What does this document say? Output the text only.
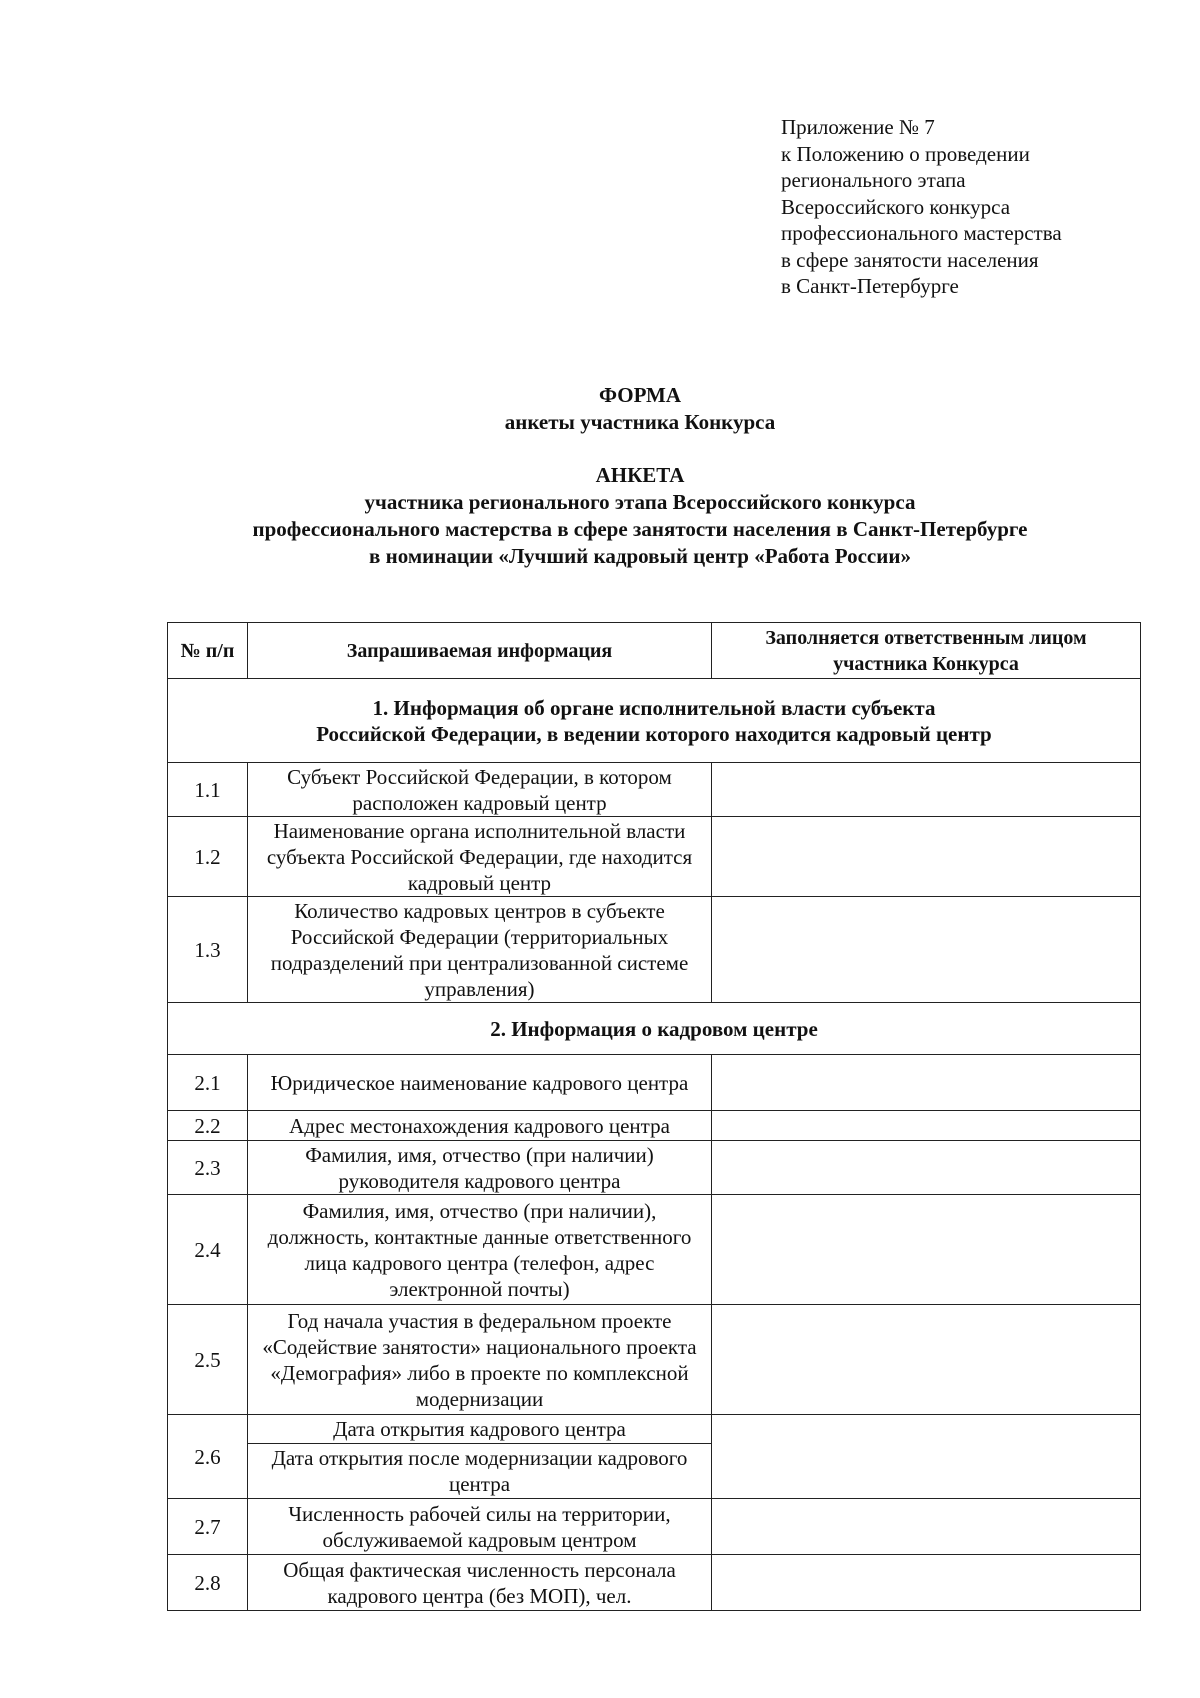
Приложение № 7
к Положению о проведении
регионального этапа
Всероссийского конкурса
профессионального мастерства
в сфере занятости населения
в Санкт-Петербурге
ФОРМА
анкеты участника Конкурса
АНКЕТА
участника регионального этапа Всероссийского конкурса
профессионального мастерства в сфере занятости населения в Санкт-Петербурге
в номинации «Лучший кадровый центр «Работа России»
№ п/п	Запрашиваемая информация	Заполняется ответственным лицом участника Конкурса

1. Информация об органе исполнительной власти субъекта
Российской Федерации, в ведении которого находится кадровый центр		

1.1	Субъект Российской Федерации, в котором расположен кадровый центр	
1.2	Наименование органа исполнительной власти субъекта Российской Федерации, где находится кадровый центр	
1.3	Количество кадровых центров в субъекте Российской Федерации (территориальных подразделений при централизованной системе управления)	
2. Информация о кадровом центре		
2.1	Юридическое наименование кадрового центра	
2.2	Адрес местонахождения кадрового центра	
2.3	Фамилия, имя, отчество (при наличии) руководителя кадрового центра	
2.4	Фамилия, имя, отчество (при наличии), должность, контактные данные ответственного лица кадрового центра (телефон, адрес электронной почты)	
2.5	Год начала участия в федеральном проекте «Содействие занятости» национального проекта «Демография» либо в проекте по комплексной модернизации	
2.6	Дата открытия кадрового центра
Дата открытия после модернизации кадрового центра	

2.7	Численность рабочей силы на территории, обслуживаемой кадровым центром	
2.8	Общая фактическая численность персонала кадрового центра (без МОП), чел.	
